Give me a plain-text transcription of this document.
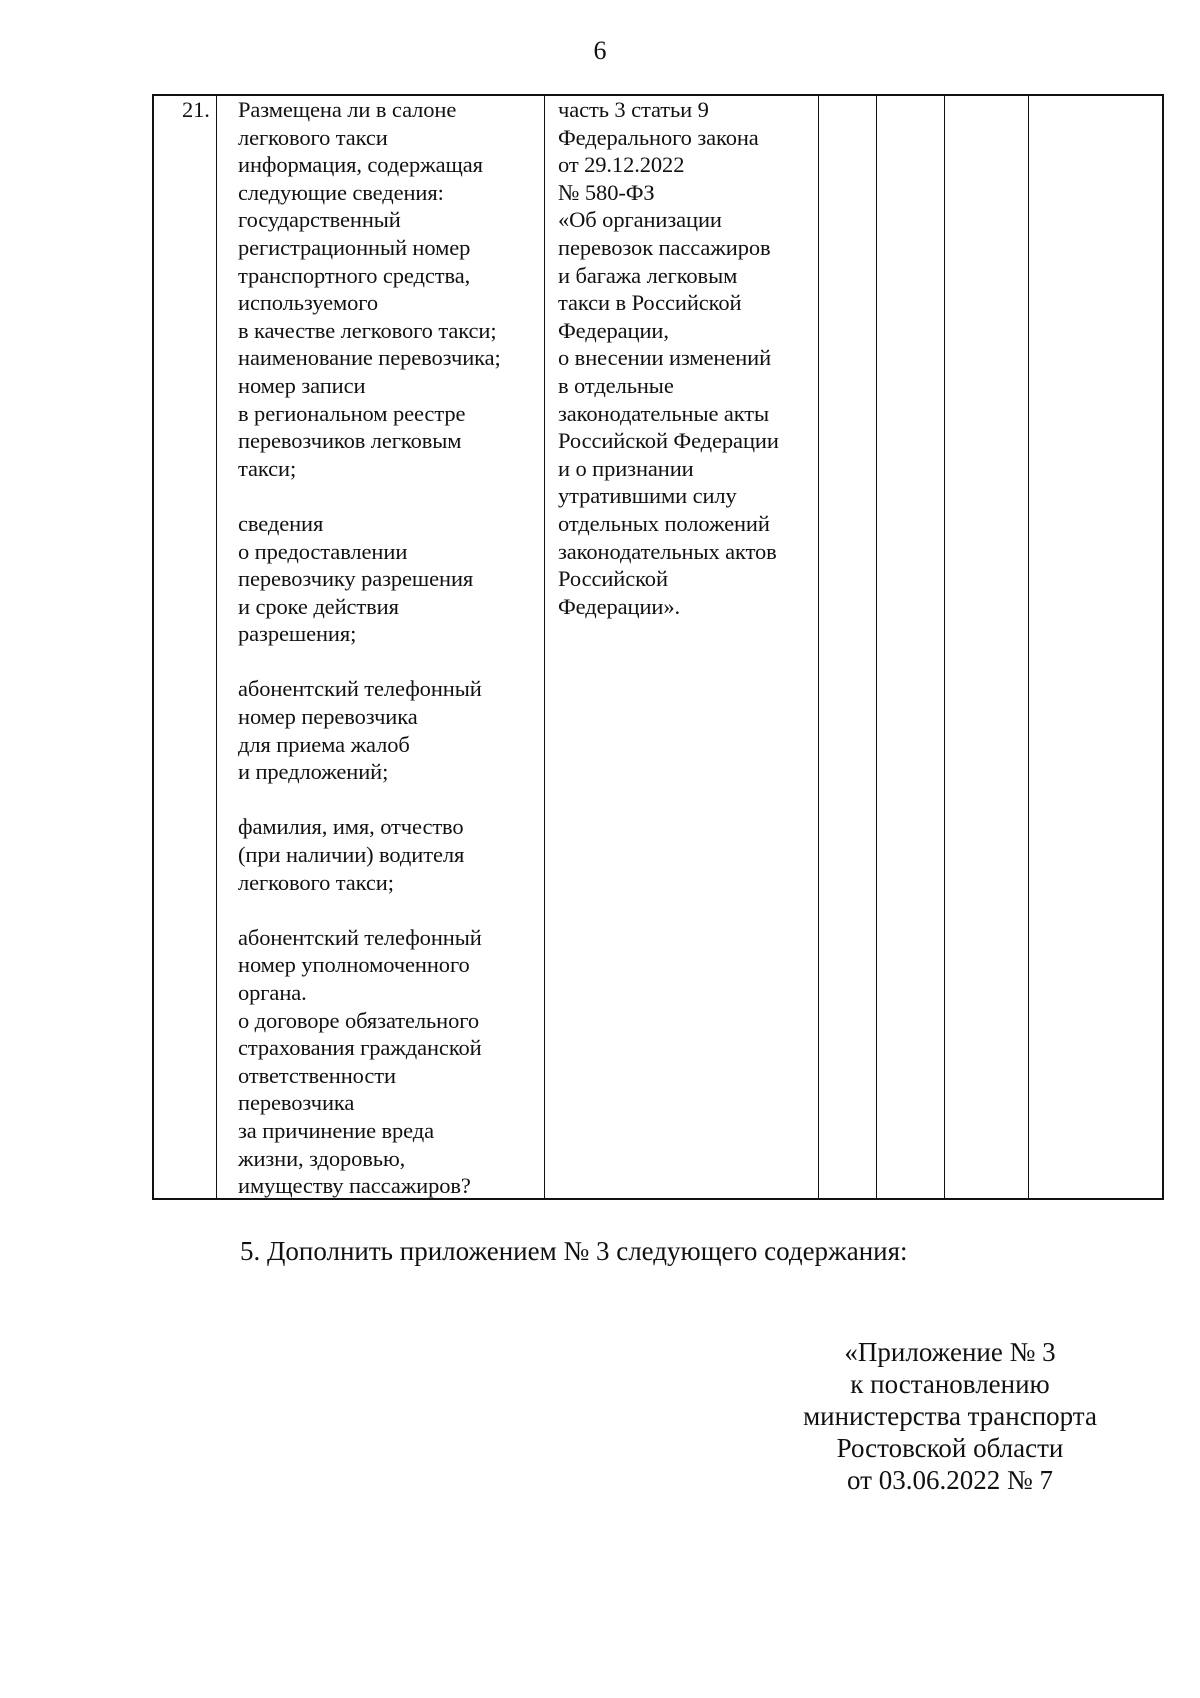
6
21. Размещена ли в салоне
легкового такси
информация, содержащая
следующие сведения:
государственный
регистрационный номер
транспортного средства,
используемого
в качестве легкового такси;
наименование перевозчика;
номер записи
в региональном реестре
перевозчиков легковым
такси;

сведения
о предоставлении
перевозчику разрешения
и сроке действия
разрешения;

абонентский телефонный
номер перевозчика
для приема жалоб
и предложений;

фамилия, имя, отчество
(при наличии) водителя
легкового такси;

абонентский телефонный
номер уполномоченного
органа.
о договоре обязательного
страхования гражданской
ответственности
перевозчика
за причинение вреда
жизни, здоровью,
имуществу пассажиров?
часть 3 статьи 9
Федерального закона
от 29.12.2022
№ 580-ФЗ
«Об организации
перевозок пассажиров
и багажа легковым
такси в Российской
Федерации,
о внесении изменений
в отдельные
законодательные акты
Российской Федерации
и о признании
утратившими силу
отдельных положений
законодательных актов
Российской
Федерации».
5. Дополнить приложением № 3 следующего содержания:
«Приложение № 3
к постановлению
министерства транспорта
Ростовской области
от 03.06.2022 № 7
